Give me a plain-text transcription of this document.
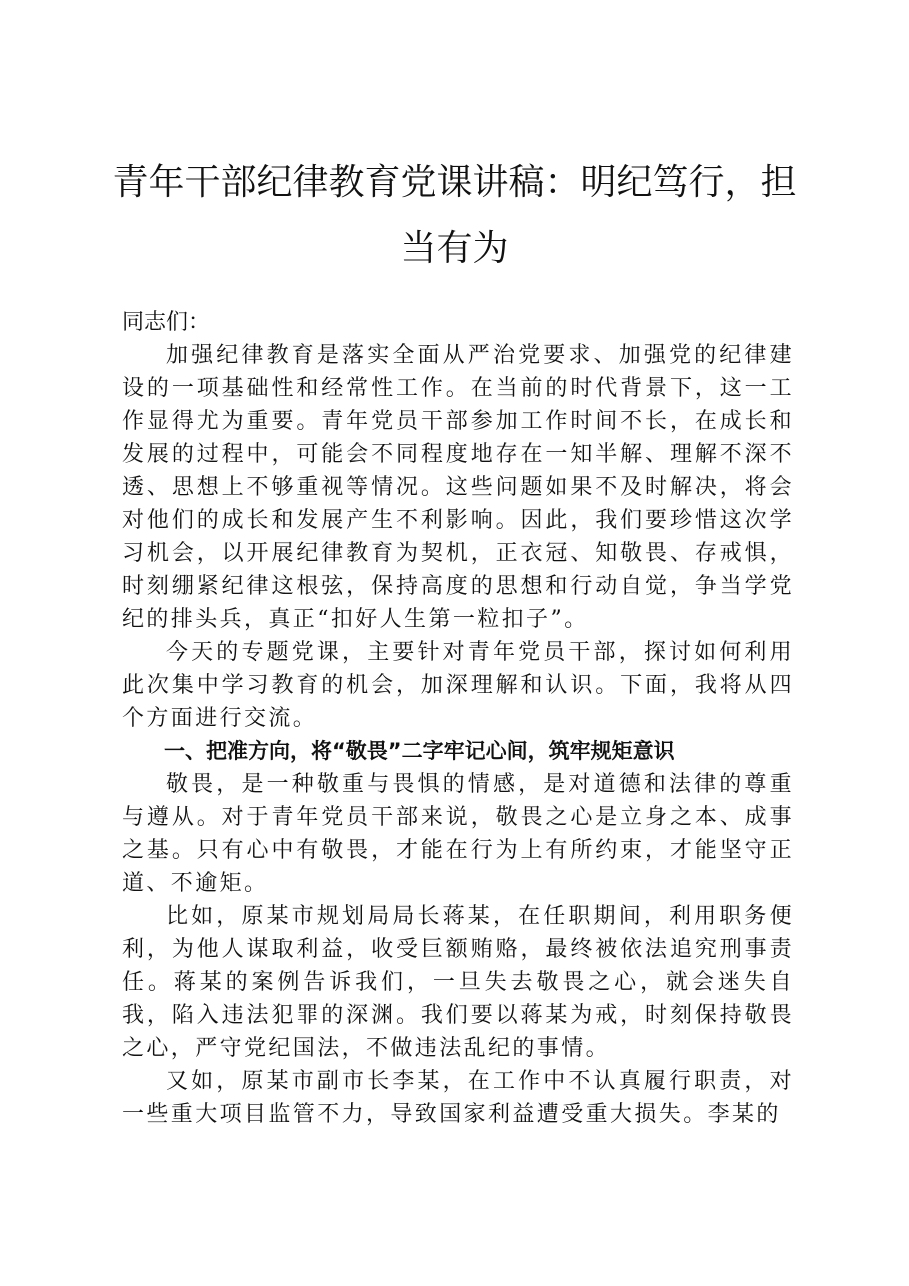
青年干部纪律教育党课讲稿：明纪笃行，担当有为

同志们：

加强纪律教育是落实全面从严治党要求、加强党的纪律建设的一项基础性和经常性工作。在当前的时代背景下，这一工作显得尤为重要。青年党员干部参加工作时间不长，在成长和发展的过程中，可能会不同程度地存在一知半解、理解不深不透、思想上不够重视等情况。这些问题如果不及时解决，将会对他们的成长和发展产生不利影响。因此，我们要珍惜这次学习机会，以开展纪律教育为契机，正衣冠、知敬畏、存戒惧，时刻绷紧纪律这根弦，保持高度的思想和行动自觉，争当学党纪的排头兵，真正“扣好人生第一粒扣子”。

今天的专题党课，主要针对青年党员干部，探讨如何利用此次集中学习教育的机会，加深理解和认识。下面，我将从四个方面进行交流。

一、把准方向，将“敬畏”二字牢记心间，筑牢规矩意识

敬畏，是一种敬重与畏惧的情感，是对道德和法律的尊重与遵从。对于青年党员干部来说，敬畏之心是立身之本、成事之基。只有心中有敬畏，才能在行为上有所约束，才能坚守正道、不逾矩。

比如，原某市规划局局长蒋某，在任职期间，利用职务便利，为他人谋取利益，收受巨额贿赂，最终被依法追究刑事责任。蒋某的案例告诉我们，一旦失去敬畏之心，就会迷失自我，陷入违法犯罪的深渊。我们要以蒋某为戒，时刻保持敬畏之心，严守党纪国法，不做违法乱纪的事情。

又如，原某市副市长李某，在工作中不认真履行职责，对一些重大项目监管不力，导致国家利益遭受重大损失。李某的
